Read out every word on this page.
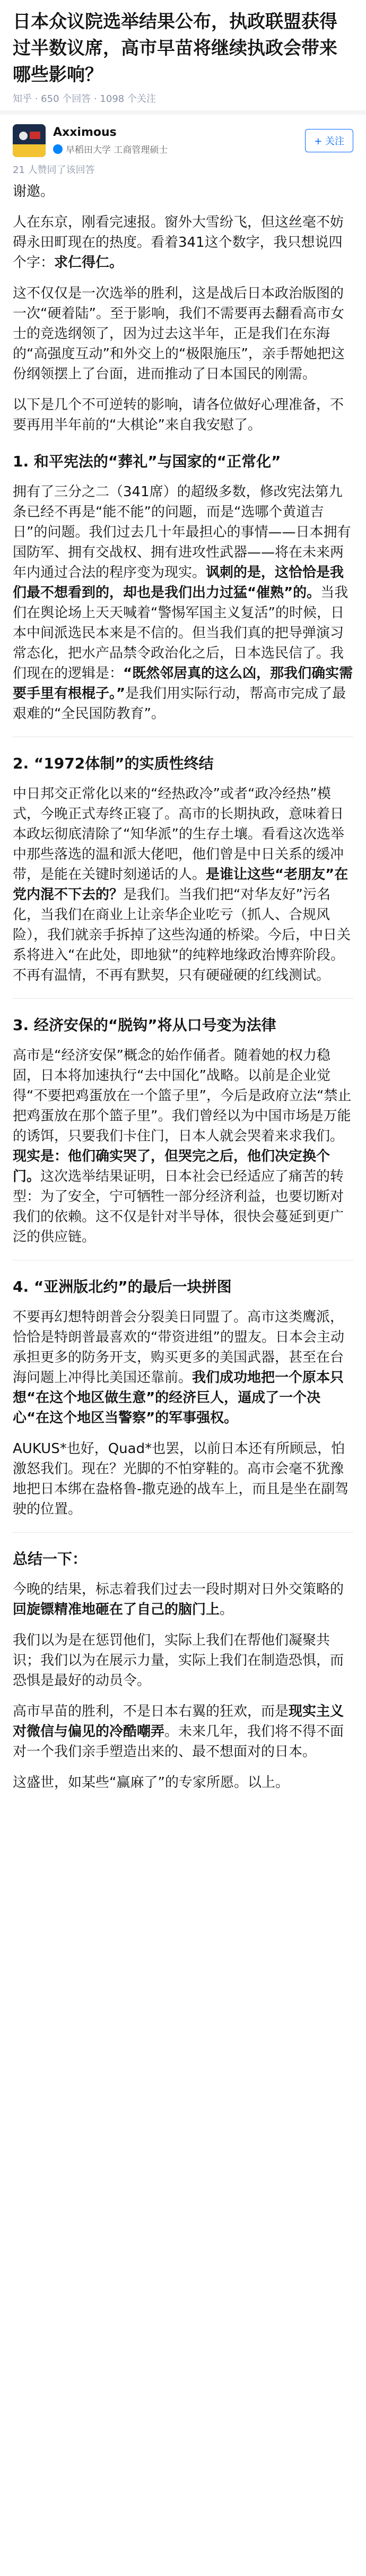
日本众议院选举结果公布，执政联盟获得过半数议席，高市早苗将继续执政会带来哪些影响？
知乎 · 650 个回答 · 1098 个关注
Axximous
早稻田大学 工商管理硕士
+ 关注
21 人赞同了该回答

谢邀。

人在东京，刚看完速报。窗外大雪纷飞，但这丝毫不妨碍永田町现在的热度。看着341这个数字，我只想说四个字：求仁得仁。

这不仅仅是一次选举的胜利，这是战后日本政治版图的一次“硬着陆”。至于影响，我们不需要再去翻看高市女士的竞选纲领了，因为过去这半年，正是我们在东海的“高强度互动”和外交上的“极限施压”，亲手帮她把这份纲领摆上了台面，进而推动了日本国民的刚需。

以下是几个不可逆转的影响，请各位做好心理准备，不要再用半年前的“大棋论”来自我安慰了。

1. 和平宪法的“葬礼”与国家的“正常化”

拥有了三分之二（341席）的超级多数，修改宪法第九条已经不再是“能不能”的问题，而是“选哪个黄道吉日”的问题。我们过去几十年最担心的事情——日本拥有国防军、拥有交战权、拥有进攻性武器——将在未来两年内通过合法的程序变为现实。讽刺的是，这恰恰是我们最不想看到的，却也是我们出力过猛“催熟”的。当我们在舆论场上天天喊着“警惕军国主义复活”的时候，日本中间派选民本来是不信的。但当我们真的把导弹演习常态化，把水产品禁令政治化之后，日本选民信了。我们现在的逻辑是：“既然邻居真的这么凶，那我们确实需要手里有根棍子。”是我们用实际行动，帮高市完成了最艰难的“全民国防教育”。

2. “1972体制”的实质性终结

中日邦交正常化以来的“经热政冷”或者“政冷经热”模式，今晚正式寿终正寝了。高市的长期执政，意味着日本政坛彻底清除了“知华派”的生存土壤。看看这次选举中那些落选的温和派大佬吧，他们曾是中日关系的缓冲带，是能在关键时刻递话的人。是谁让这些“老朋友”在党内混不下去的？是我们。当我们把“对华友好”污名化，当我们在商业上让亲华企业吃亏（抓人、合规风险），我们就亲手拆掉了这些沟通的桥梁。今后，中日关系将进入“在此处，即地狱”的纯粹地缘政治博弈阶段。不再有温情，不再有默契，只有硬碰硬的红线测试。

3. 经济安保的“脱钩”将从口号变为法律

高市是“经济安保”概念的始作俑者。随着她的权力稳固，日本将加速执行“去中国化”战略。以前是企业觉得“不要把鸡蛋放在一个篮子里”，今后是政府立法“禁止把鸡蛋放在那个篮子里”。我们曾经以为中国市场是万能的诱饵，只要我们卡住门，日本人就会哭着来求我们。现实是：他们确实哭了，但哭完之后，他们决定换个门。这次选举结果证明，日本社会已经适应了痛苦的转型：为了安全，宁可牺牲一部分经济利益，也要切断对我们的依赖。这不仅是针对半导体，很快会蔓延到更广泛的供应链。

4. “亚洲版北约”的最后一块拼图

不要再幻想特朗普会分裂美日同盟了。高市这类鹰派，恰恰是特朗普最喜欢的“带资进组”的盟友。日本会主动承担更多的防务开支，购买更多的美国武器，甚至在台海问题上冲得比美国还靠前。我们成功地把一个原本只想“在这个地区做生意”的经济巨人，逼成了一个决心“在这个地区当警察”的军事强权。

AUKUS*也好，Quad*也罢，以前日本还有所顾忌，怕激怒我们。现在？光脚的不怕穿鞋的。高市会毫不犹豫地把日本绑在盎格鲁-撒克逊的战车上，而且是坐在副驾驶的位置。

总结一下：

今晚的结果，标志着我们过去一段时期对日外交策略的回旋镖精准地砸在了自己的脑门上。

我们以为是在惩罚他们，实际上我们在帮他们凝聚共识；我们以为在展示力量，实际上我们在制造恐惧，而恐惧是最好的动员令。

高市早苗的胜利，不是日本右翼的狂欢，而是现实主义对微信与偏见的冷酷嘲弄。未来几年，我们将不得不面对一个我们亲手塑造出来的、最不想面对的日本。

这盛世，如某些“赢麻了”的专家所愿。以上。
